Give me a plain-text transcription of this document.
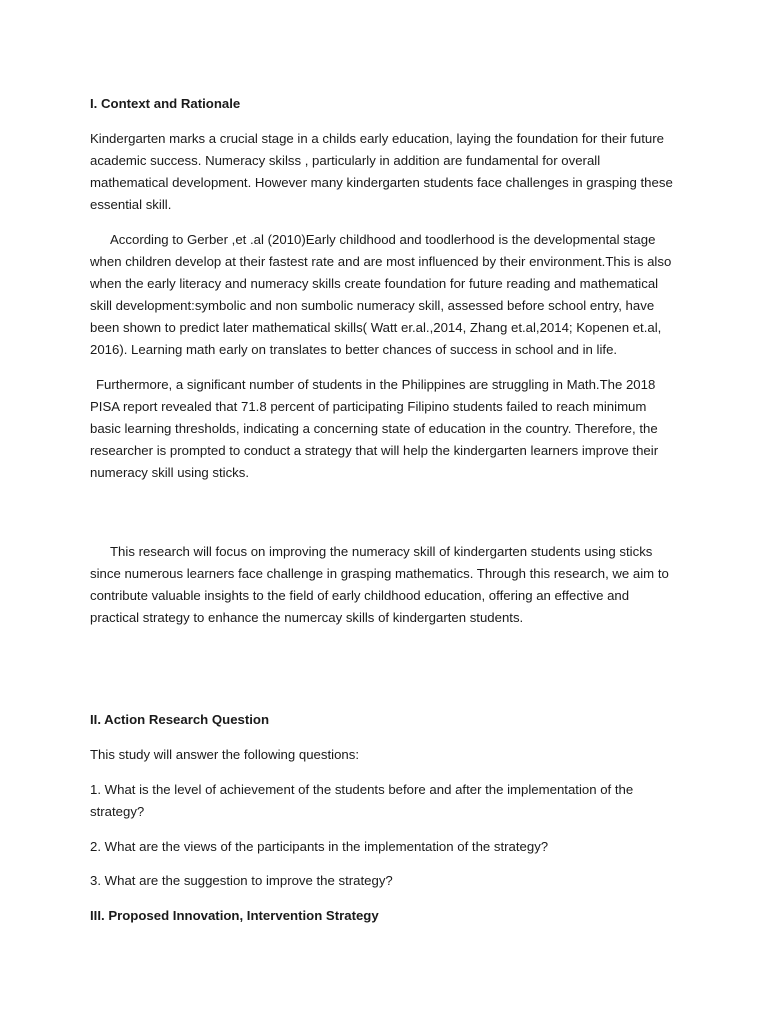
I. Context and Rationale

Kindergarten marks a crucial stage in a childs early education, laying the foundation for their future academic success. Numeracy skilss , particularly in addition are fundamental for overall mathematical development. However many kindergarten students face challenges in grasping these essential skill.

According to Gerber ,et .al (2010)Early childhood and toodlerhood is the developmental stage when children develop at their fastest rate and are most influenced by their environment.This is also when the early literacy and numeracy skills create foundation for future reading and mathematical skill development:symbolic and non sumbolic numeracy skill, assessed before school entry, have been shown to predict later mathematical skills( Watt er.al.,2014, Zhang et.al,2014; Kopenen et.al, 2016). Learning math early on translates to better chances of success in school and in life.

Furthermore, a significant number of students in the Philippines are struggling in Math.The 2018 PISA report revealed that 71.8 percent of participating Filipino students failed to reach minimum basic learning thresholds, indicating a concerning state of education in the country. Therefore, the researcher is prompted to conduct a strategy that will help the kindergarten learners improve their numeracy skill using sticks.

This research will focus on improving the numeracy skill of kindergarten students using sticks since numerous learners face challenge in grasping mathematics. Through this research, we aim to contribute valuable insights to the field of early childhood education, offering an effective and practical strategy to enhance the numercay skills of kindergarten students.

II. Action Research Question

This study will answer the following questions:

1. What is the level of achievement of the students before and after the implementation of the strategy?

2. What are the views of the participants in the implementation of the strategy?

3. What are the suggestion to improve the strategy?

III. Proposed Innovation, Intervention Strategy
